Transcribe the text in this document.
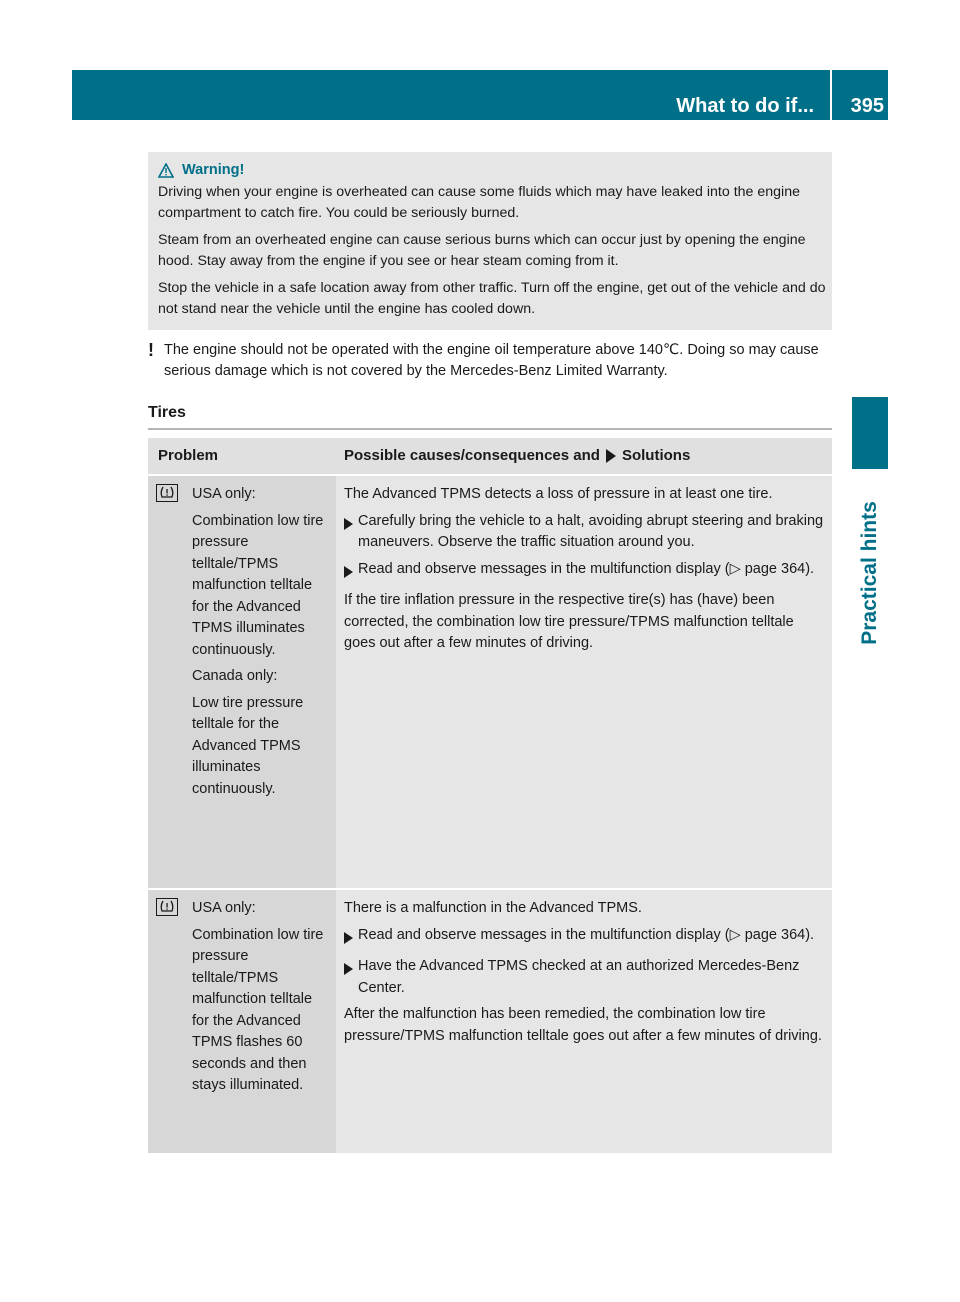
What to do if...	395
Practical hints
Warning!

Driving when your engine is overheated can cause some fluids which may have leaked into the engine compartment to catch fire. You could be seriously burned.

Steam from an overheated engine can cause serious burns which can occur just by opening the engine hood. Stay away from the engine if you see or hear steam coming from it.

Stop the vehicle in a safe location away from other traffic. Turn off the engine, get out of the vehicle and do not stand near the vehicle until the engine has cooled down.

! The engine should not be operated with the engine oil temperature above 140℃. Doing so may cause serious damage which is not covered by the Mercedes-Benz Limited Warranty.
Tires
Problem	Possible causes/consequences and Solutions

USA only:

Combination low tire pressure telltale/TPMS malfunction telltale for the Advanced TPMS illuminates continuously.

Canada only:

Low tire pressure telltale for the Advanced TPMS illuminates continuously.

The Advanced TPMS detects a loss of pressure in at least one tire.

Carefully bring the vehicle to a halt, avoiding abrupt steering and braking maneuvers. Observe the traffic situation around you.
Read and observe messages in the multifunction display (▷ page 364).

If the tire inflation pressure in the respective tire(s) has (have) been corrected, the combination low tire pressure/TPMS malfunction telltale goes out after a few minutes of driving.

USA only:

Combination low tire pressure telltale/TPMS malfunction telltale for the Advanced TPMS flashes 60 seconds and then stays illuminated.

There is a malfunction in the Advanced TPMS.

Read and observe messages in the multifunction display (▷ page 364).
Have the Advanced TPMS checked at an authorized Mercedes-Benz Center.

After the malfunction has been remedied, the combination low tire pressure/TPMS malfunction telltale goes out after a few minutes of driving.
